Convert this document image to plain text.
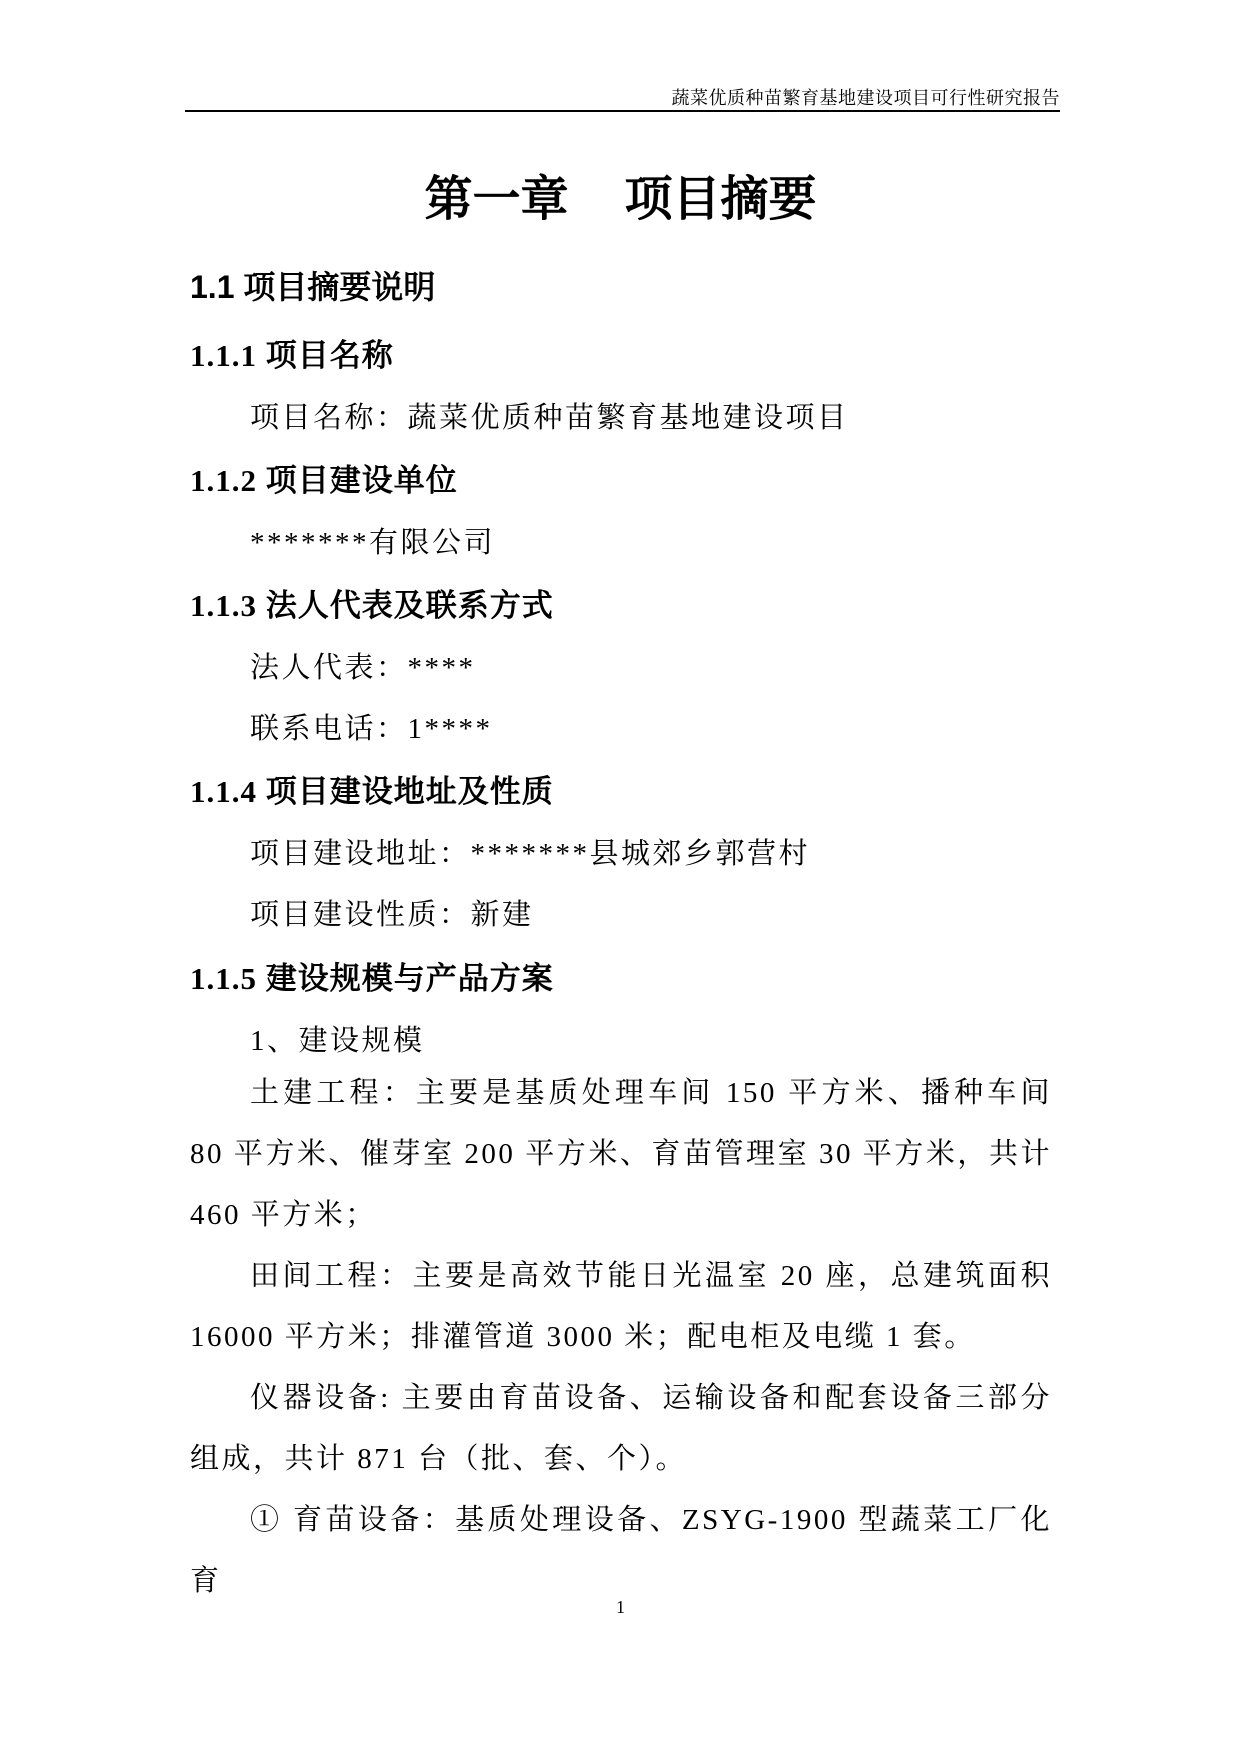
蔬菜优质种苗繁育基地建设项目可行性研究报告
第一章 项目摘要
1.1 项目摘要说明
1.1.1 项目名称
项目名称：蔬菜优质种苗繁育基地建设项目
1.1.2 项目建设单位
*******有限公司
1.1.3 法人代表及联系方式
法人代表：****
联系电话：1****
1.1.4 项目建设地址及性质
项目建设地址：*******县城郊乡郭营村
项目建设性质：新建
1.1.5 建设规模与产品方案
1、建设规模
土建工程：主要是基质处理车间 150 平方米、播种车间 80 平方米、催芽室 200 平方米、育苗管理室 30 平方米，共计 460 平方米；
田间工程：主要是高效节能日光温室 20 座，总建筑面积 16000 平方米；排灌管道 3000 米；配电柜及电缆 1 套。
仪器设备: 主要由育苗设备、运输设备和配套设备三部分组成，共计 871 台（批、套、个）。
① 育苗设备：基质处理设备、ZSYG-1900 型蔬菜工厂化育
1
